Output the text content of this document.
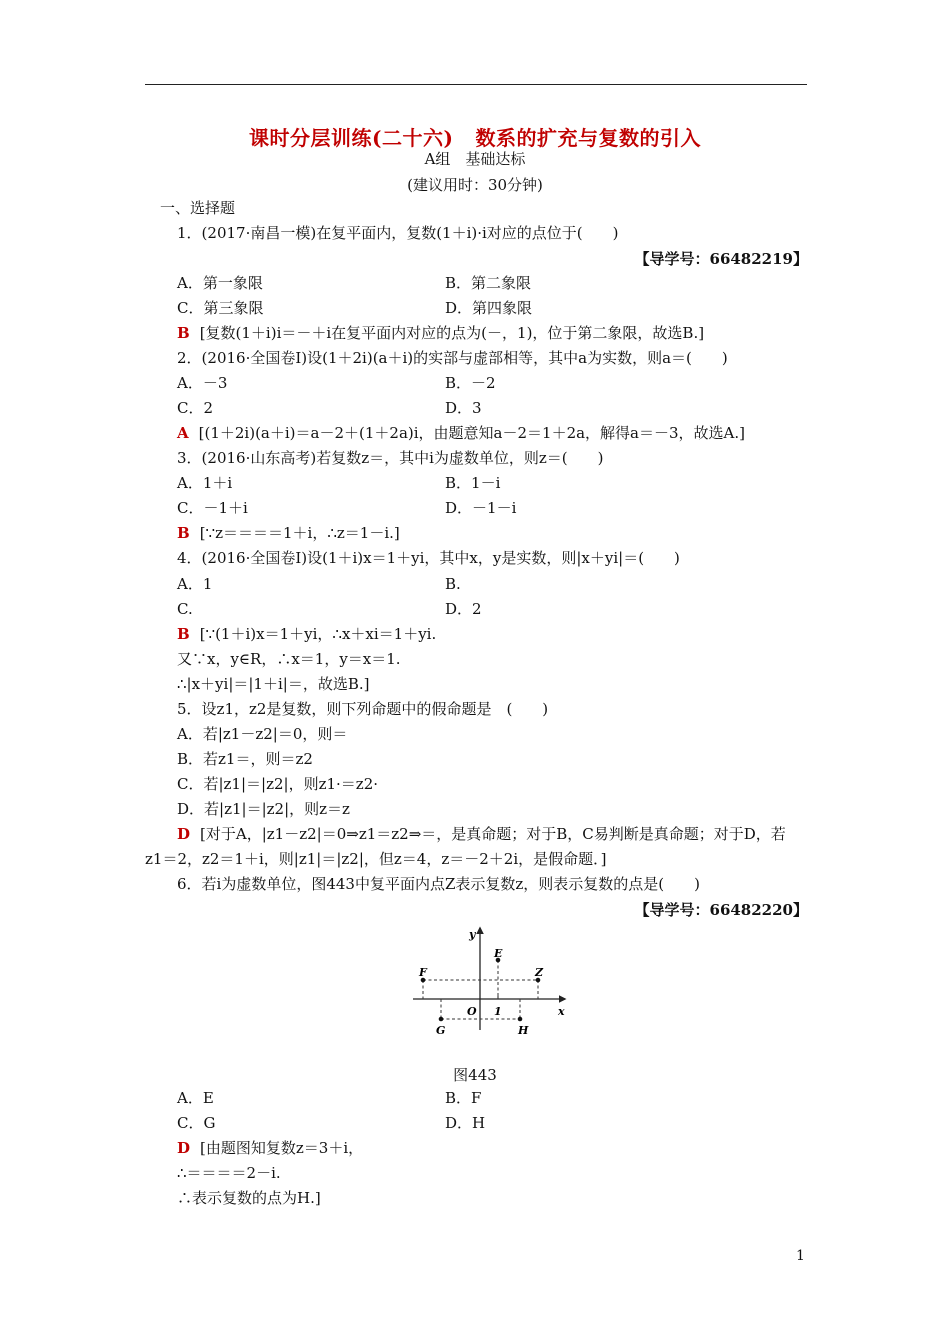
课时分层训练(二十六) 数系的扩充与复数的引入
A组　基础达标
(建议用时：30分钟)
一、选择题
1．(2017·南昌一模)在复平面内，复数(1＋i)·i对应的点位于(　　)
【导学号：66482219】
A．第一象限	B．第二象限
C．第三象限	D．第四象限
B [复数(1＋i)i＝－＋i在复平面内对应的点为(－，1)，位于第二象限，故选B.]
2．(2016·全国卷Ⅰ)设(1＋2i)(a＋i)的实部与虚部相等，其中a为实数，则a＝(　　)
A．－3	B．－2
C．2	D．3
A [(1＋2i)(a＋i)＝a－2＋(1＋2a)i，由题意知a－2＝1＋2a，解得a＝－3，故选A.]
3．(2016·山东高考)若复数z＝，其中i为虚数单位，则z＝(　　)
A．1＋i	B．1－i
C．－1＋i	D．－1－i
B [∵z＝＝＝＝1＋i，∴z＝1－i.]
4．(2016·全国卷Ⅰ)设(1＋i)x＝1＋yi，其中x，y是实数，则|x＋yi|＝(　　)
A．1	B.
C.	D．2
B [∵(1＋i)x＝1＋yi，∴x＋xi＝1＋yi.
又∵x，y∈R，∴x＝1，y＝x＝1.
∴|x＋yi|＝|1＋i|＝，故选B.]
5．设z1，z2是复数，则下列命题中的假命题是　(　　)
A．若|z1－z2|＝0，则＝
B．若z1＝，则＝z2
C．若|z1|＝|z2|，则z1·＝z2·
D．若|z1|＝|z2|，则z＝z
D [对于A，|z1－z2|＝0⇒z1＝z2⇒＝，是真命题；对于B，C易判断是真命题；对于D，若
z1＝2，z2＝1＋i，则|z1|＝|z2|，但z＝4，z＝－2＋2i，是假命题．]
6．若i为虚数单位，图443中复平面内点Z表示复数z，则表示复数的点是(　　)
【导学号：66482220】
y
x
O 1
E
F	Z
G	H
图443
A．E	B．F
C．G	D．H
D [由题图知复数z＝3＋i，
∴＝＝＝＝2－i.
∴表示复数的点为H.]
1
